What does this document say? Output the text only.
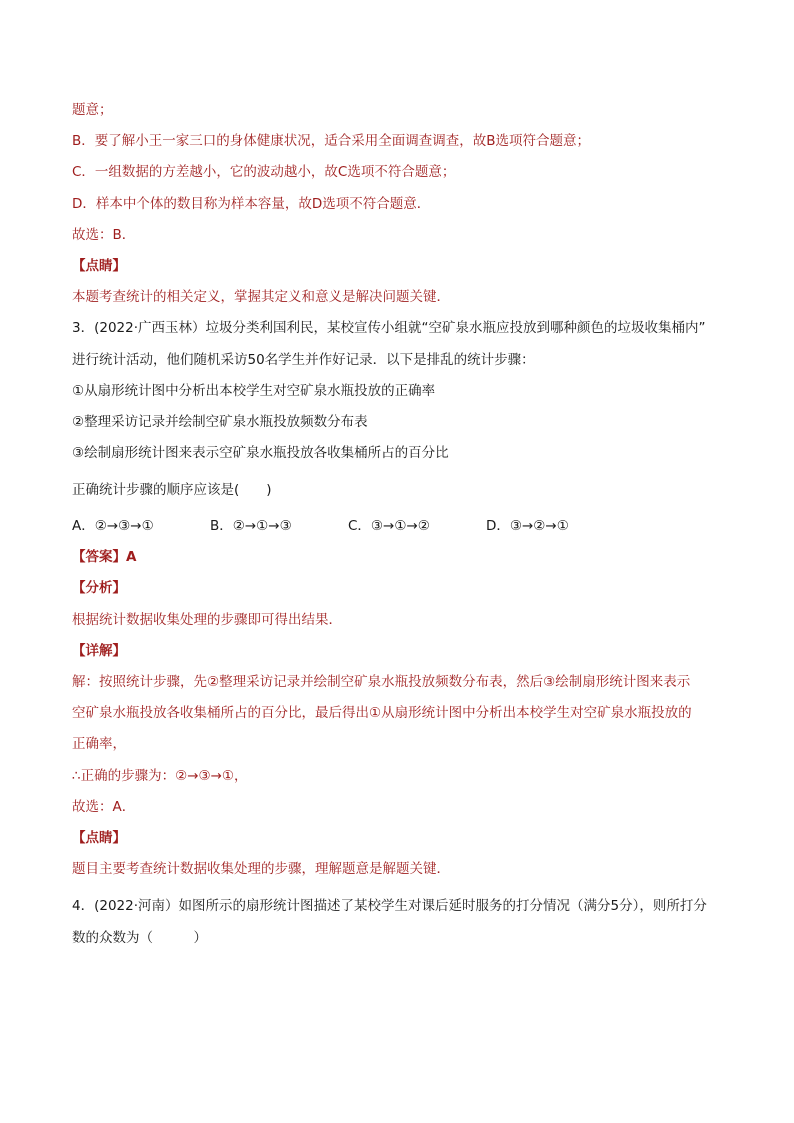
题意；
B．要了解小王一家三口的身体健康状况，适合采用全面调查调查，故B选项符合题意；
C．一组数据的方差越小，它的波动越小，故C选项不符合题意；
D．样本中个体的数目称为样本容量，故D选项不符合题意．
故选：B．
【点睛】
本题考查统计的相关定义，掌握其定义和意义是解决问题关键．
3．(2022·广西玉林）垃圾分类利国利民，某校宣传小组就“空矿泉水瓶应投放到哪种颜色的垃圾收集桶内”
进行统计活动，他们随机采访50名学生并作好记录．以下是排乱的统计步骤：
①从扇形统计图中分析出本校学生对空矿泉水瓶投放的正确率
②整理采访记录并绘制空矿泉水瓶投放频数分布表
③绘制扇形统计图来表示空矿泉水瓶投放各收集桶所占的百分比
正确统计步骤的顺序应该是(　　)
A．②→③→①	B．②→①→③	C．③→①→②	D．③→②→①
【答案】A
【分析】
根据统计数据收集处理的步骤即可得出结果．
【详解】
解：按照统计步骤，先②整理采访记录并绘制空矿泉水瓶投放频数分布表，然后③绘制扇形统计图来表示
空矿泉水瓶投放各收集桶所占的百分比，最后得出①从扇形统计图中分析出本校学生对空矿泉水瓶投放的
正确率，
∴正确的步骤为：②→③→①，
故选：A．
【点睛】
题目主要考查统计数据收集处理的步骤，理解题意是解题关键．
4．(2022·河南）如图所示的扇形统计图描述了某校学生对课后延时服务的打分情况（满分5分），则所打分
数的众数为（　　　）
